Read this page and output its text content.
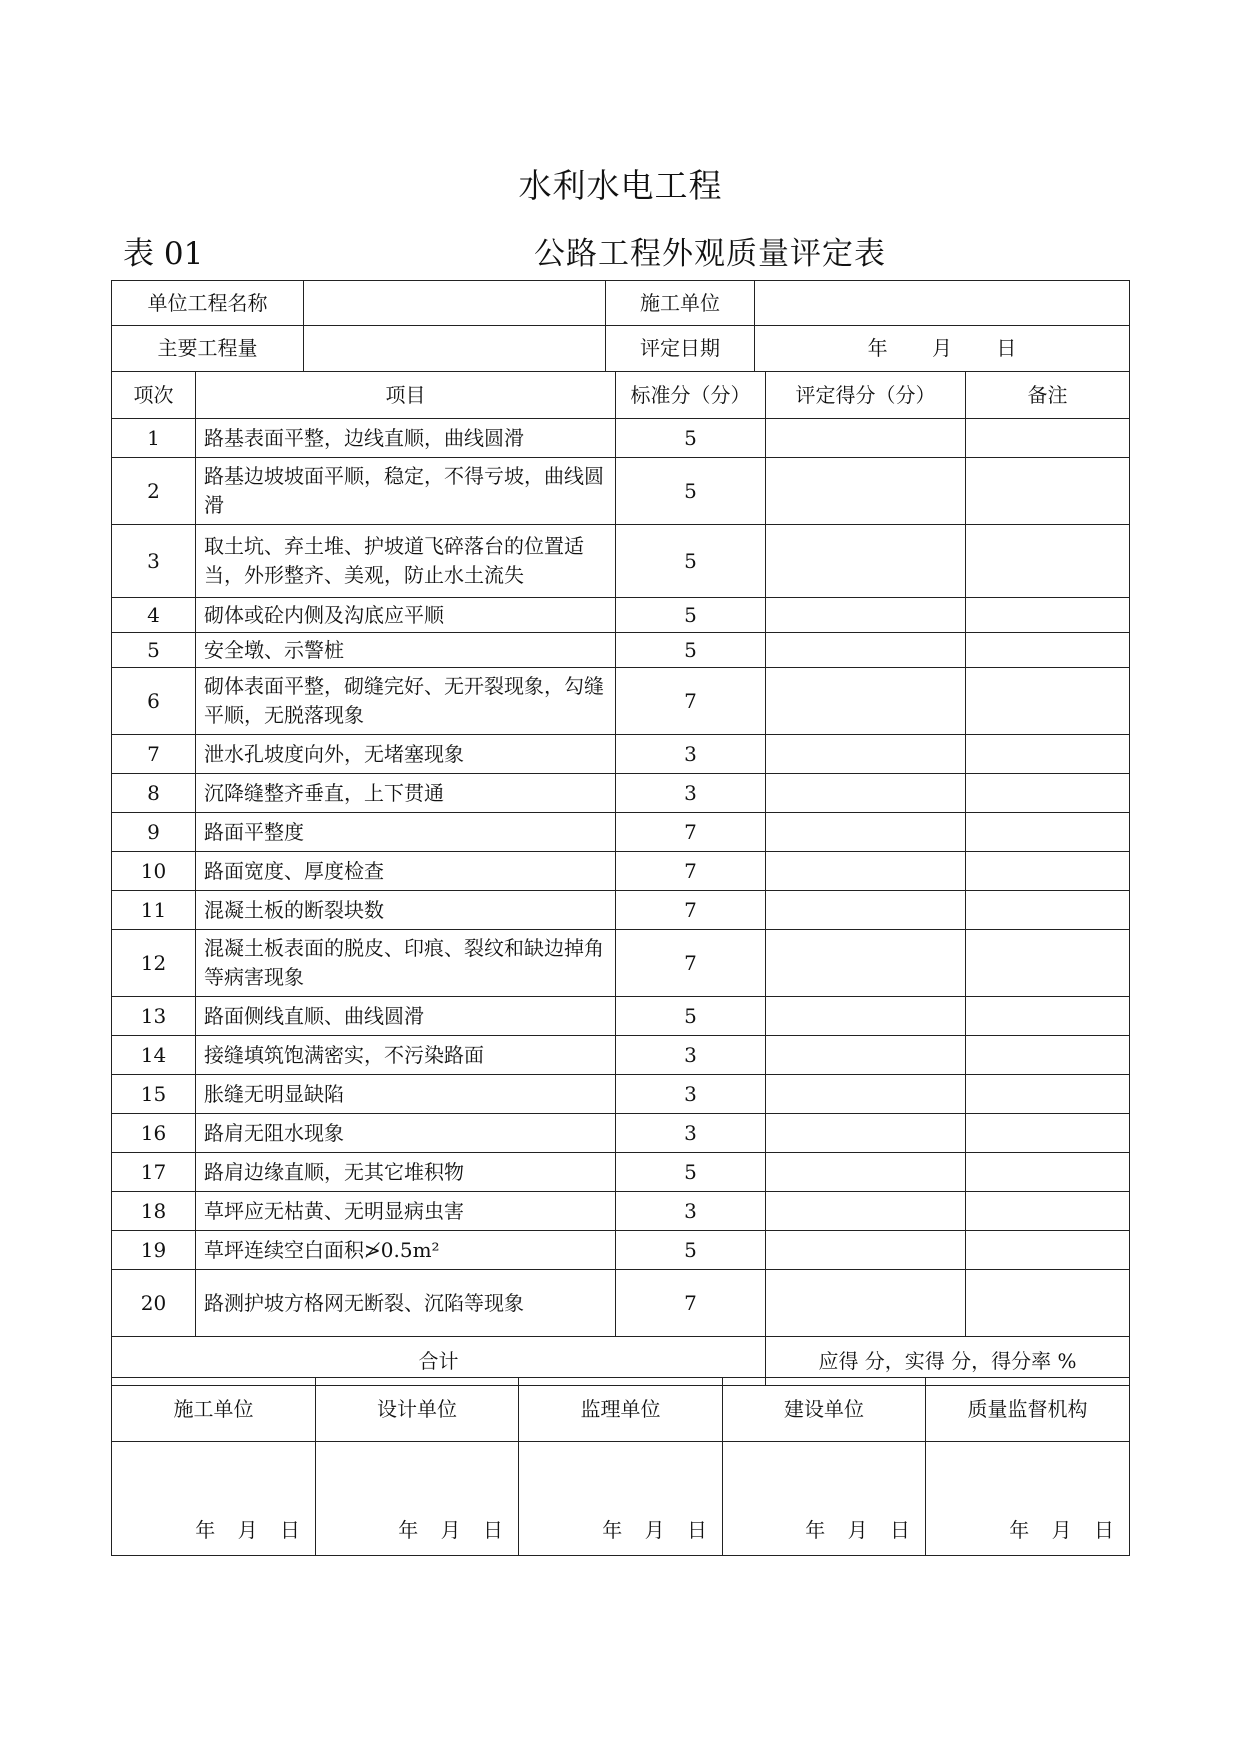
水利水电工程
表 01	公路工程外观质量评定表
单位工程名称		施工单位	
主要工程量		评定日期	年 月 日
项次	项目	标准分（分）	评定得分（分）	备注
1	路基表面平整，边线直顺，曲线圆滑	5		
2	路基边坡坡面平顺，稳定，不得亏坡，曲线圆滑	5		
3	取土坑、弃土堆、护坡道飞碎落台的位置适当，外形整齐、美观，防止水土流失	5		
4	砌体或砼内侧及沟底应平顺	5		
5	安全墩、示警桩	5		
6	砌体表面平整，砌缝完好、无开裂现象，勾缝平顺，无脱落现象	7		
7	泄水孔坡度向外，无堵塞现象	3		
8	沉降缝整齐垂直，上下贯通	3		
9	路面平整度	7		
10	路面宽度、厚度检查	7		
11	混凝土板的断裂块数	7		
12	混凝土板表面的脱皮、印痕、裂纹和缺边掉角等病害现象	7		
13	路面侧线直顺、曲线圆滑	5		
14	接缝填筑饱满密实，不污染路面	3		
15	胀缝无明显缺陷	3		
16	路肩无阻水现象	3		
17	路肩边缘直顺，无其它堆积物	5		
18	草坪应无枯黄、无明显病虫害	3		
19	草坪连续空白面积≯0.5m²	5		
20	路测护坡方格网无断裂、沉陷等现象	7		
合计			应得 分，实得 分，得分率 %	
施工单位	设计单位	监理单位	建设单位	质量监督机构

年 月 日	年 月 日	年 月 日	年 月 日	年 月 日
